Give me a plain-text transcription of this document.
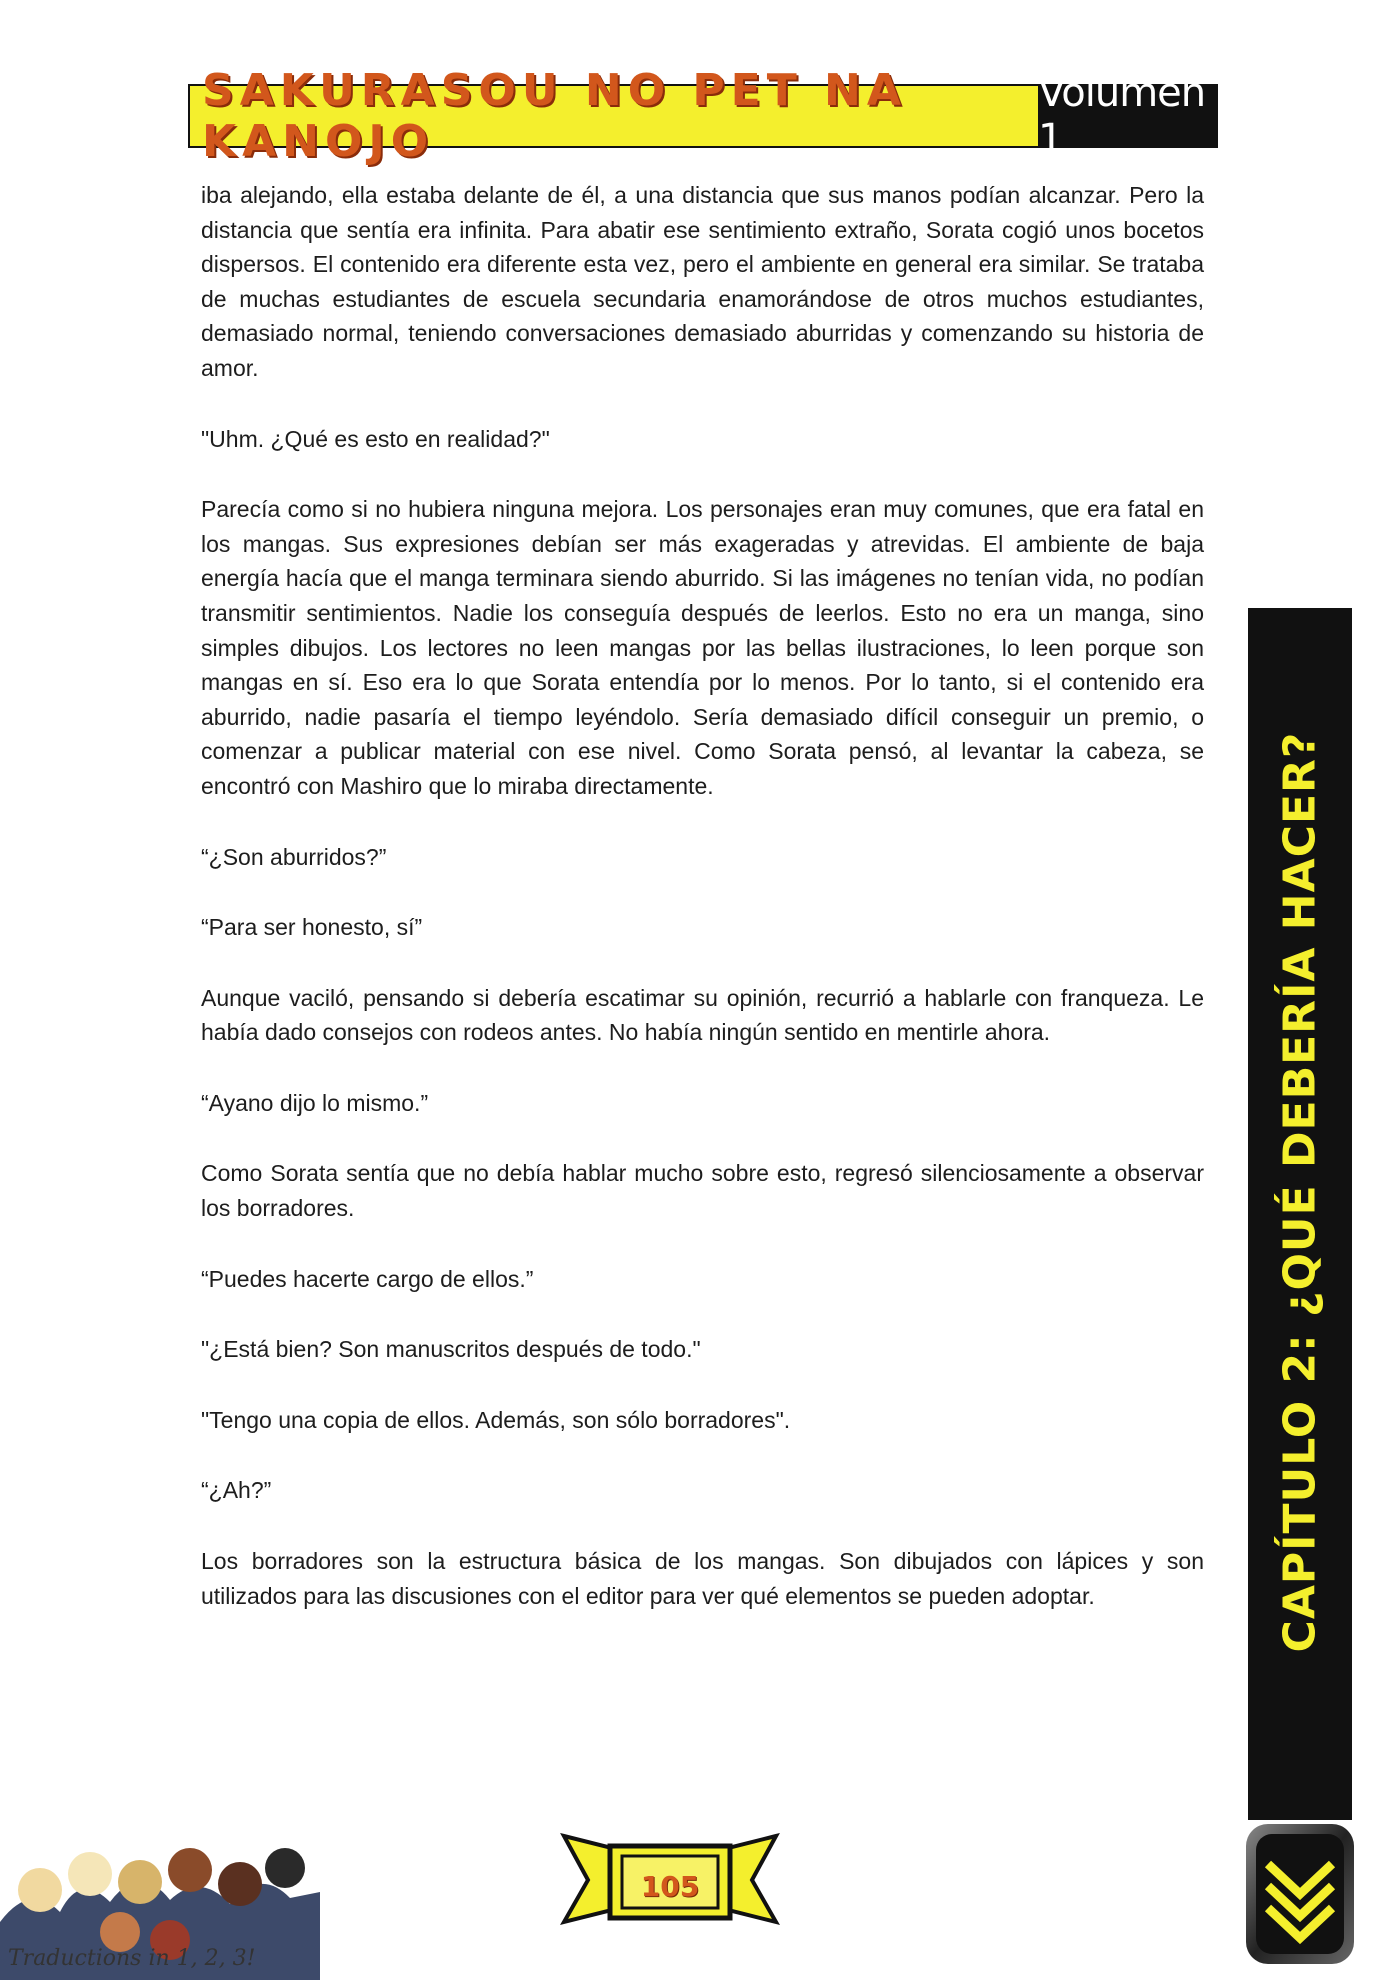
SAKURASOU NO PET NA KANOJO
Volumen 1

iba alejando, ella estaba delante de él, a una distancia que sus manos podían alcanzar. Pero la distancia que sentía era infinita. Para abatir ese sentimiento extraño, Sorata cogió unos bocetos dispersos. El contenido era diferente esta vez, pero el ambiente en general era similar. Se trataba de muchas estudiantes de escuela secundaria enamorándose de otros muchos estudiantes, demasiado normal, teniendo conversaciones demasiado aburridas y comenzando su historia de amor.

"Uhm. ¿Qué es esto en realidad?"

Parecía como si no hubiera ninguna mejora. Los personajes eran muy comunes, que era fatal en los mangas. Sus expresiones debían ser más exageradas y atrevidas. El ambiente de baja energía hacía que el manga terminara siendo aburrido. Si las imágenes no tenían vida, no podían transmitir sentimientos. Nadie los conseguía después de leerlos. Esto no era un manga, sino simples dibujos. Los lectores no leen mangas por las bellas ilustraciones, lo leen porque son mangas en sí. Eso era lo que Sorata entendía por lo menos. Por lo tanto, si el contenido era aburrido, nadie pasaría el tiempo leyéndolo. Sería demasiado difícil conseguir un premio, o comenzar a publicar material con ese nivel. Como Sorata pensó, al levantar la cabeza, se encontró con Mashiro que lo miraba directamente.

“¿Son aburridos?”

“Para ser honesto, sí”

Aunque vaciló, pensando si debería escatimar su opinión, recurrió a hablarle con franqueza. Le había dado consejos con rodeos antes. No había ningún sentido en mentirle ahora.

“Ayano dijo lo mismo.”

Como Sorata sentía que no debía hablar mucho sobre esto, regresó silenciosamente a observar los borradores.

“Puedes hacerte cargo de ellos.”

"¿Está bien? Son manuscritos después de todo."

"Tengo una copia de ellos. Además, son sólo borradores".

“¿Ah?”

Los borradores son la estructura básica de los mangas. Son dibujados con lápices y son utilizados para las discusiones con el editor para ver qué elementos se pueden adoptar.	CAPÍTULO 2: ¿QUÉ DEBERÍA HACER?
105
Traductions in 1, 2, 3!
